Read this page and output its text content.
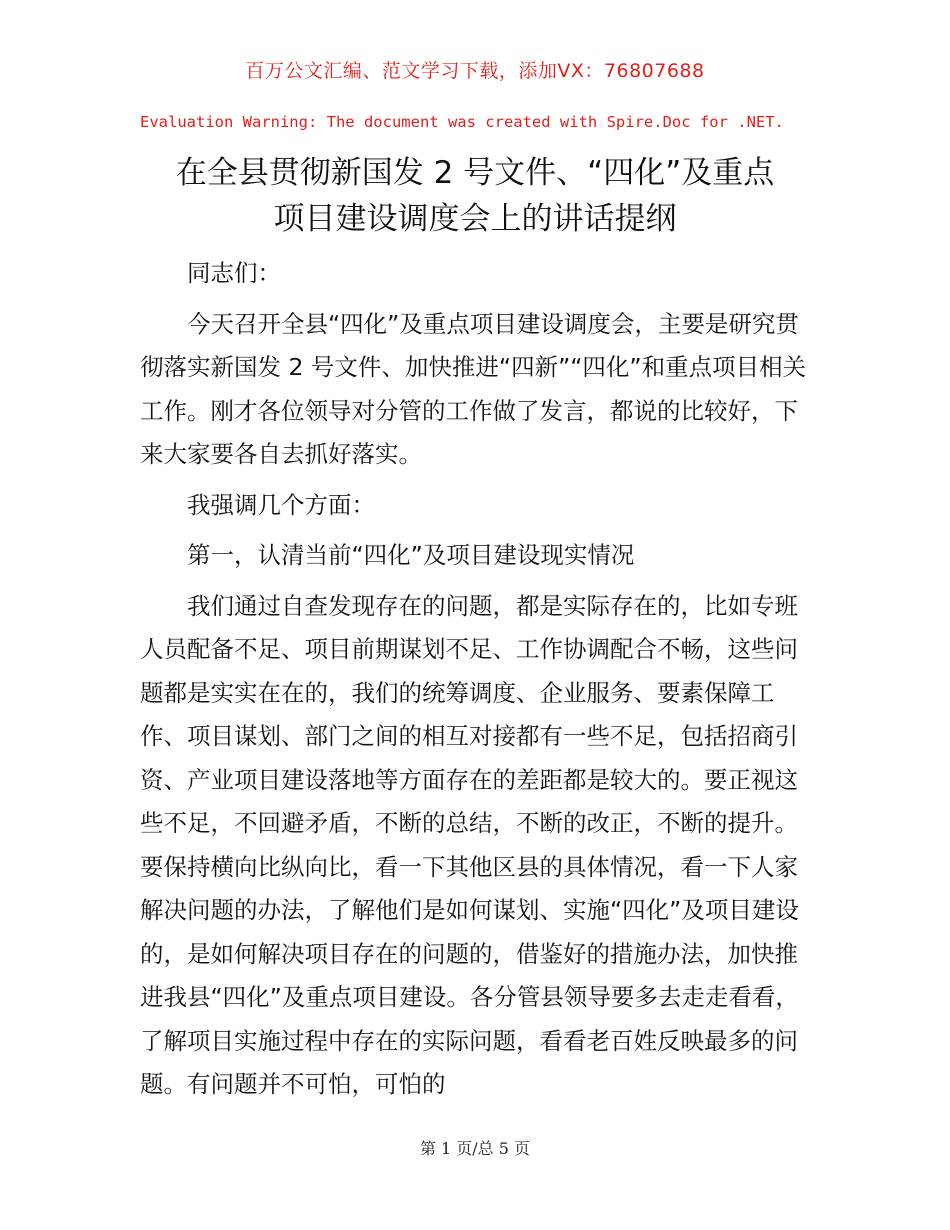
百万公文汇编、范文学习下载，添加VX：76807688
Evaluation Warning: The document was created with Spire.Doc for .NET.
在全县贯彻新国发 2 号文件、“四化”及重点
项目建设调度会上的讲话提纲

同志们：

今天召开全县“四化”及重点项目建设调度会，主要是研究贯彻落实新国发 2 号文件、加快推进“四新”“四化”和重点项目相关工作。刚才各位领导对分管的工作做了发言，都说的比较好，下来大家要各自去抓好落实。

我强调几个方面：

第一，认清当前“四化”及项目建设现实情况

我们通过自查发现存在的问题，都是实际存在的，比如专班人员配备不足、项目前期谋划不足、工作协调配合不畅，这些问题都是实实在在的，我们的统筹调度、企业服务、要素保障工作、项目谋划、部门之间的相互对接都有一些不足，包括招商引资、产业项目建设落地等方面存在的差距都是较大的。要正视这些不足，不回避矛盾，不断的总结，不断的改正，不断的提升。要保持横向比纵向比，看一下其他区县的具体情况，看一下人家解决问题的办法，了解他们是如何谋划、实施“四化”及项目建设的，是如何解决项目存在的问题的，借鉴好的措施办法，加快推进我县“四化”及重点项目建设。各分管县领导要多去走走看看，了解项目实施过程中存在的实际问题，看看老百姓反映最多的问题。有问题并不可怕，可怕的

第 1 页/总 5 页
